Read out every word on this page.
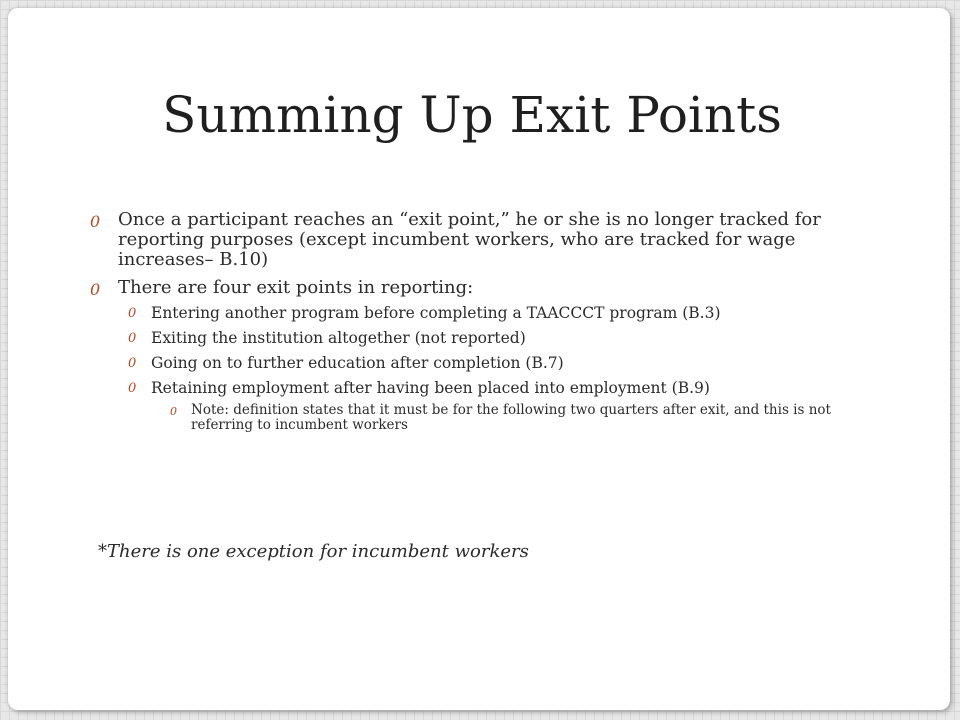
Summing Up Exit Points
0 Once a participant reaches an “exit point,” he or she is no longer tracked for reporting purposes (except incumbent workers, who are tracked for wage increases– B.10)
0 There are four exit points in reporting:
0 Entering another program before completing a TAACCCT program (B.3)
0 Exiting the institution altogether (not reported)
0 Going on to further education after completion (B.7)
0 Retaining employment after having been placed into employment (B.9)
0	Note: definition states that it must be for the following two quarters after exit, and this is not referring to incumbent workers
*There is one exception for incumbent workers
